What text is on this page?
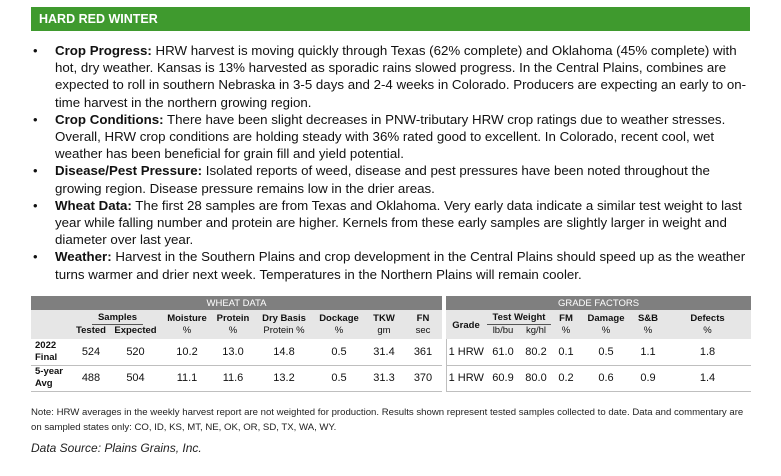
HARD RED WINTER
• Crop Progress: HRW harvest is moving quickly through Texas (62% complete) and Oklahoma (45% complete) with hot, dry weather. Kansas is 13% harvested as sporadic rains slowed progress. In the Central Plains, combines are expected to roll in southern Nebraska in 3-5 days and 2-4 weeks in Colorado. Producers are expecting an early to on-time harvest in the northern growing region.
• Crop Conditions: There have been slight decreases in PNW-tributary HRW crop ratings due to weather stresses. Overall, HRW crop conditions are holding steady with 36% rated good to excellent. In Colorado, recent cool, wet weather has been beneficial for grain fill and yield potential.
• Disease/Pest Pressure: Isolated reports of weed, disease and pest pressures have been noted throughout the growing region. Disease pressure remains low in the drier areas.
• Wheat Data: The first 28 samples are from Texas and Oklahoma. Very early data indicate a similar test weight to last year while falling number and protein are higher. Kernels from these early samples are slightly larger in weight and diameter over last year.
• Weather: Harvest in the Southern Plains and crop development in the Central Plains should speed up as the weather turns warmer and drier next week. Temperatures in the Northern Plains will remain cooler.
WHEAT DATA										GRADE FACTORS						
	Samples		Moisture	Protein	Dry Basis	Dockage	TKW	FN		Grade	Test Weight		FM	Damage	S&B	Defects
	Tested	Expected	%	%	Protein %	%	gm	sec			lb/bu	kg/hl	%	%	%	%
2022
Final	524	520	10.2	13.0	14.8	0.5	31.4	361		1 HRW	61.0	80.2	0.1	0.5	1.1	1.8
5-year
Avg	488	504	11.1	11.6	13.2	0.5	31.3	370		1 HRW	60.9	80.0	0.2	0.6	0.9	1.4
Note: HRW averages in the weekly harvest report are not weighted for production. Results shown represent tested samples collected to date. Data and commentary are on sampled states only: CO, ID, KS, MT, NE, OK, OR, SD, TX, WA, WY.
Data Source: Plains Grains, Inc.
